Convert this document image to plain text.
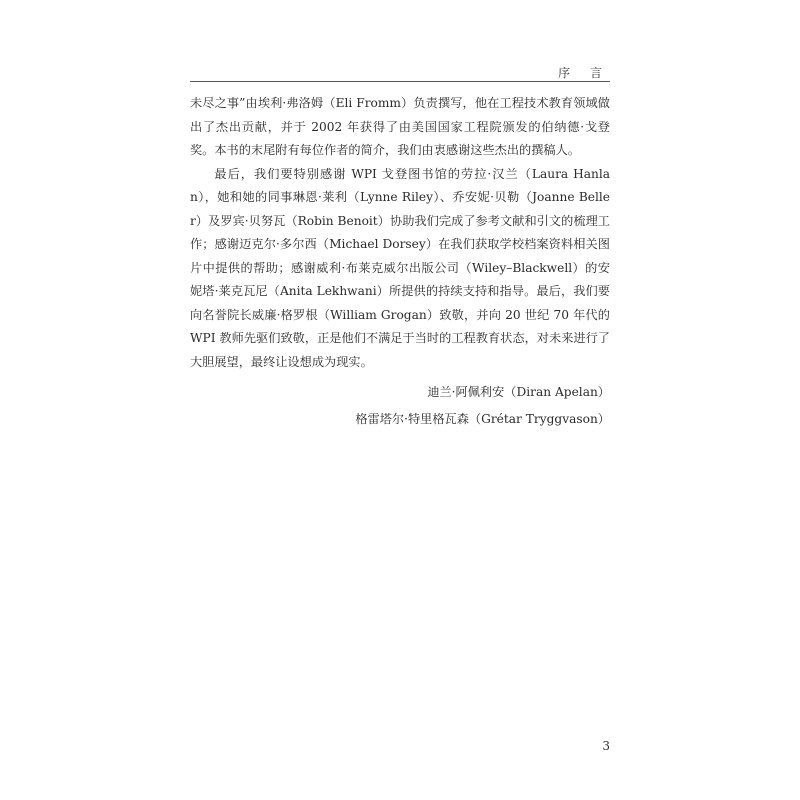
序 言

未尽之事”由埃利·弗洛姆（Eli Fromm）负责撰写，他在工程技术教育领域做出了杰出贡献，并于 2002 年获得了由美国国家工程院颁发的伯纳德·戈登奖。本书的末尾附有每位作者的简介，我们由衷感谢这些杰出的撰稿人。

最后，我们要特别感谢 WPI 戈登图书馆的劳拉·汉兰（Laura Hanlan），她和她的同事琳恩·莱利（Lynne Riley）、乔安妮·贝勒（Joanne Beller）及罗宾·贝努瓦（Robin Benoit）协助我们完成了参考文献和引文的梳理工作；感谢迈克尔·多尔西（Michael Dorsey）在我们获取学校档案资料相关图片中提供的帮助；感谢威利·布莱克威尔出版公司（Wiley–Blackwell）的安妮塔·莱克瓦尼（Anita Lekhwani）所提供的持续支持和指导。最后，我们要向名誉院长威廉·格罗根（William Grogan）致敬，并向 20 世纪 70 年代的 WPI 教师先驱们致敬，正是他们不满足于当时的工程教育状态，对未来进行了大胆展望，最终让设想成为现实。

迪兰·阿佩利安（Diran Apelan）
格雷塔尔·特里格瓦森（Grétar Tryggvason）
3
